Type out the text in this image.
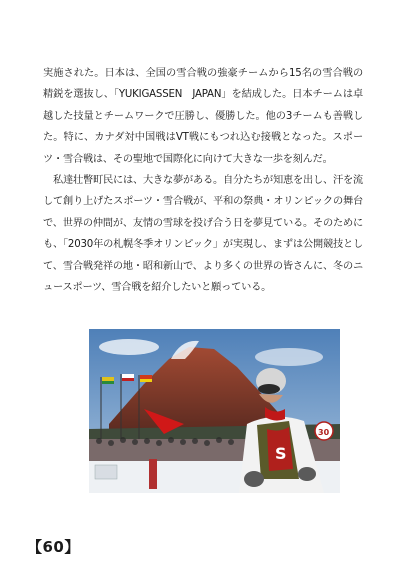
実施された。日本は、全国の雪合戦の強豪チームから15名の雪合戦の精鋭を選抜し、「YUKIGASSEN　JAPAN」を結成した。日本チームは卓越した技量とチームワークで圧勝し、優勝した。他の3チームも善戦した。特に、カナダ対中国戦はVT戦にもつれ込む接戦となった。スポーツ・雪合戦は、その聖地で国際化に向けて大きな一歩を刻んだ。

私達壮瞥町民には、大きな夢がある。自分たちが知恵を出し、汗を流して創り上げたスポーツ・雪合戦が、平和の祭典・オリンピックの舞台で、世界の仲間が、友情の雪球を投げ合う日を夢見ている。そのためにも、「2030年の札幌冬季オリンピック」が実現し、まずは公開競技として、雪合戦発祥の地・昭和新山で、より多くの世界の皆さんに、冬のニュースポーツ、雪合戦を紹介したいと願っている。

S
30
【60】
